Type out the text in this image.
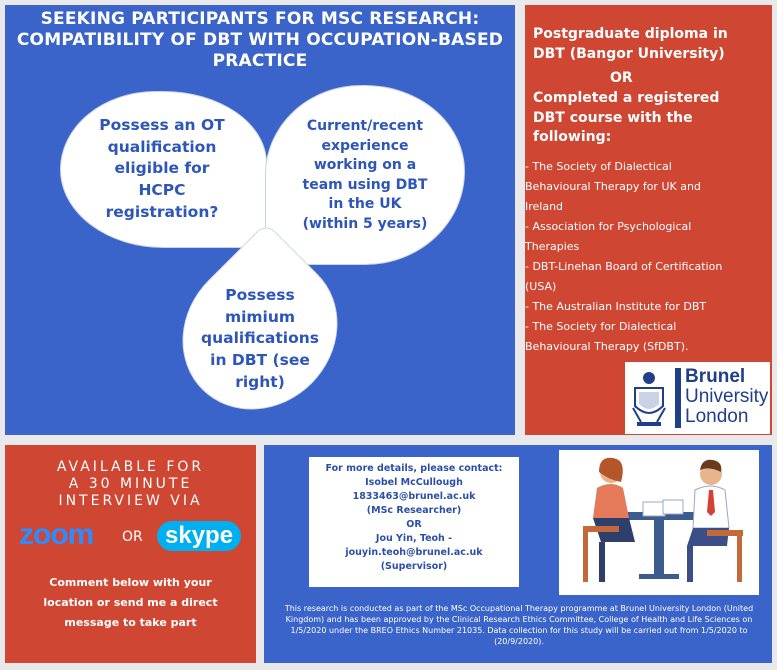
SEEKING PARTICIPANTS FOR MSC RESEARCH:
COMPATIBILITY OF DBT WITH OCCUPATION-BASED
PRACTICE
Possess an OT
qualification
eligible for
HCPC
registration?
Current/recent
experience
working on a
team using DBT
in the UK
(within 5 years)
Possess
mimium
qualifications
in DBT (see
right)
Postgraduate diploma in
DBT (Bangor University)
OR
Completed a registered
DBT course with the
following:
- The Society of Dialectical
Behavioural Therapy for UK and
Ireland
- Association for Psychological
Therapies
- DBT-Linehan Board of Certification
(USA)
- The Australian Institute for DBT
- The Society for Dialectical
Behavioural Therapy (SfDBT).
Brunel
University
London
AVAILABLE FOR
A 30 MINUTE
INTERVIEW VIA
zoom OR skype
Comment below with your
location or send me a direct
message to take part
For more details, please contact:
Isobel McCullough
1833463@brunel.ac.uk
(MSc Researcher)
OR
Jou Yin, Teoh -
jouyin.teoh@brunel.ac.uk
(Supervisor)
This research is conducted as part of the MSc Occupational Therapy programme at Brunel University London (United Kingdom) and has been approved by the Clinical Research Ethics Committee, College of Health and Life Sciences on 1/5/2020 under the BREO Ethics Number 21035. Data collection for this study will be carried out from 1/5/2020 to (20/9/2020).
